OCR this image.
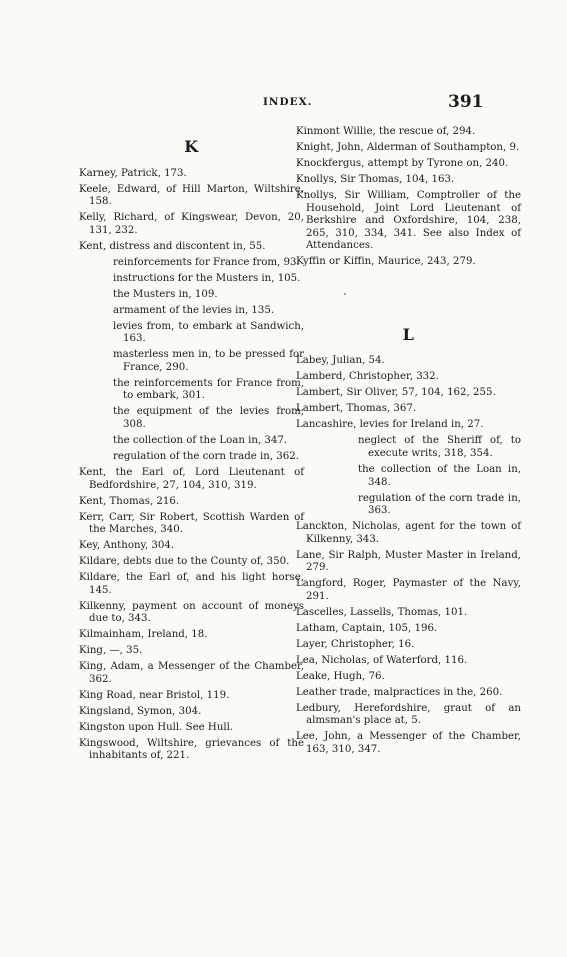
INDEX.	391
K
Karney, Patrick, 173.
Keele, Edward, of Hill Marton, Wiltshire, 158.
Kelly, Richard, of Kingswear, Devon, 20, 131, 232.
Kent, distress and discontent in, 55.
reinforcements for France from, 93.
instructions for the Musters in, 105.
the Musters in, 109.
armament of the levies in, 135.
levies from, to embark at Sandwich, 163.
masterless men in, to be pressed for France, 290.
the reinforcements for France from, to embark, 301.
the equipment of the levies from, 308.
the collection of the Loan in, 347.
regulation of the corn trade in, 362.
Kent, the Earl of, Lord Lieutenant of Bedfordshire, 27, 104, 310, 319.
Kent, Thomas, 216.
Kerr, Carr, Sir Robert, Scottish Warden of the Marches, 340.
Key, Anthony, 304.
Kildare, debts due to the County of, 350.
Kildare, the Earl of, and his light horse, 145.
Kilkenny, payment on account of moneys due to, 343.
Kilmainham, Ireland, 18.
King, —, 35.
King, Adam, a Messenger of the Chamber, 362.
King Road, near Bristol, 119.
Kingsland, Symon, 304.
Kingston upon Hull. See Hull.
Kingswood, Wiltshire, grievances of the inhabitants of, 221.
Kinmont Willie, the rescue of, 294.
Knight, John, Alderman of Southampton, 9.
Knockfergus, attempt by Tyrone on, 240.
Knollys, Sir Thomas, 104, 163.
Knollys, Sir William, Comptroller of the Household, Joint Lord Lieutenant of Berkshire and Oxfordshire, 104, 238, 265, 310, 334, 341. See also Index of Attendances.
Kyffin or Kiffin, Maurice, 243, 279.
L
Labey, Julian, 54.
Lamberd, Christopher, 332.
Lambert, Sir Oliver, 57, 104, 162, 255.
Lambert, Thomas, 367.
Lancashire, levies for Ireland in, 27.
neglect of the Sheriff of, to execute writs, 318, 354.
the collection of the Loan in, 348.
regulation of the corn trade in, 363.
Lanckton, Nicholas, agent for the town of Kilkenny, 343.
Lane, Sir Ralph, Muster Master in Ireland, 279.
Langford, Roger, Paymaster of the Navy, 291.
Lascelles, Lassells, Thomas, 101.
Latham, Captain, 105, 196.
Layer, Christopher, 16.
Lea, Nicholas, of Waterford, 116.
Leake, Hugh, 76.
Leather trade, malpractices in the, 260.
Ledbury, Herefordshire, graut of an almsman's place at, 5.
Lee, John, a Messenger of the Chamber, 163, 310, 347.
